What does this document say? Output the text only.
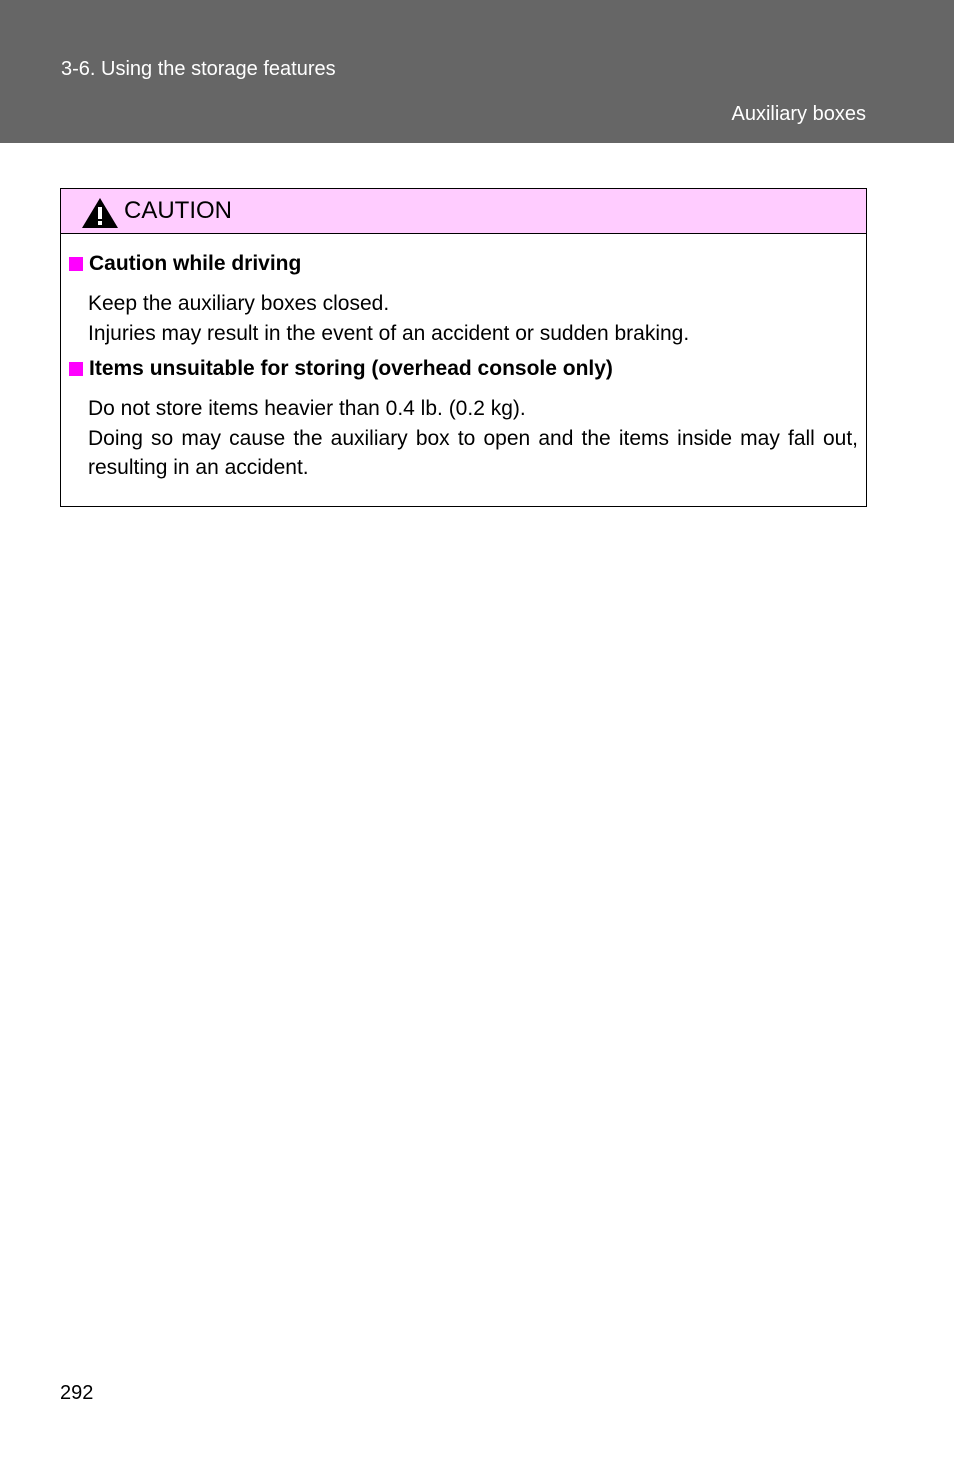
3-6. Using the storage features
Auxiliary boxes
CAUTION
Caution while driving

Keep the auxiliary boxes closed.

Injuries may result in the event of an accident or sudden braking.

Items unsuitable for storing (overhead console only)

Do not store items heavier than 0.4 lb. (0.2 kg).

Doing so may cause the auxiliary box to open and the items inside may fall out, resulting in an accident.

292
